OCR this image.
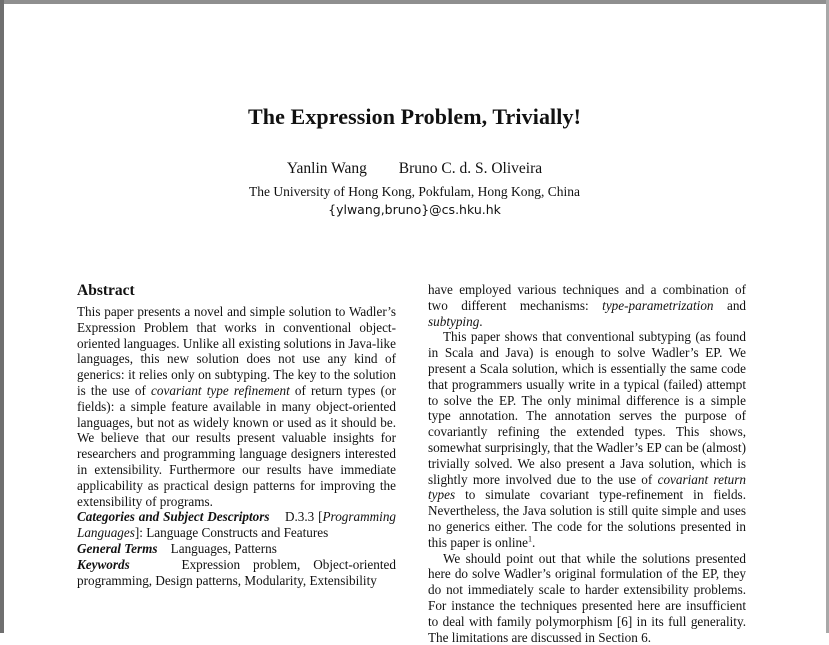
The Expression Problem, Trivially!
Yanlin Wang Bruno C. d. S. Oliveira
The University of Hong Kong, Pokfulam, Hong Kong, China
{ylwang,bruno}@cs.hku.hk
Abstract

This paper presents a novel and simple solution to Wadler’s Expression Problem that works in conventional object-oriented languages. Unlike all existing solutions in Java-like languages, this new solution does not use any kind of generics: it relies only on subtyping. The key to the solution is the use of covariant type refinement of return types (or fields): a simple feature available in many object-oriented languages, but not as widely known or used as it should be. We believe that our results present valuable insights for researchers and programming language designers interested in extensibility. Furthermore our results have immediate applicability as practical design patterns for improving the extensibility of programs.

Categories and Subject Descriptors D.3.3 [Programming Languages]: Language Constructs and Features

General Terms Languages, Patterns

Keywords	Expression problem, Object-oriented programming, Design patterns, Modularity, Extensibility

have employed various techniques and a combination of two different mechanisms: type-parametrization and subtyping.

This paper shows that conventional subtyping (as found in Scala and Java) is enough to solve Wadler’s EP. We present a Scala solution, which is essentially the same code that programmers usually write in a typical (failed) attempt to solve the EP. The only minimal difference is a simple type annotation. The annotation serves the purpose of covariantly refining the extended types. This shows, somewhat surprisingly, that the Wadler’s EP can be (almost) trivially solved. We also present a Java solution, which is slightly more involved due to the use of covariant return types to simulate covariant type-refinement in fields. Nevertheless, the Java solution is still quite simple and uses no generics either. The code for the solutions presented in this paper is online$^1$.

We should point out that while the solutions presented here do solve Wadler’s original formulation of the EP, they do not immediately scale to harder extensibility problems. For instance the techniques presented here are insufficient to deal with family polymorphism [6] in its full generality. The limitations are discussed in Section 6.
